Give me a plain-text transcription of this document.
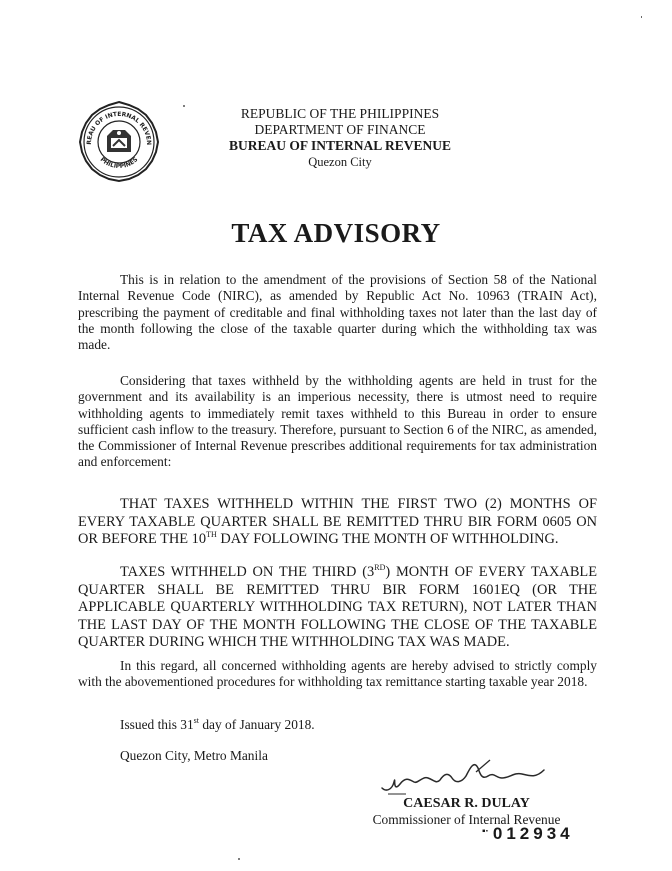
REAU OF INTERNAL REVEN
PHILIPPINES
REPUBLIC OF THE PHILIPPINES
DEPARTMENT OF FINANCE
BUREAU OF INTERNAL REVENUE
Quezon City
TAX ADVISORY

This is in relation to the amendment of the provisions of Section 58 of the National Internal Revenue Code (NIRC), as amended by Republic Act No. 10963 (TRAIN Act), prescribing the payment of creditable and final withholding taxes not later than the last day of the month following the close of the taxable quarter during which the withholding tax was made.

Considering that taxes withheld by the withholding agents are held in trust for the government and its availability is an imperious necessity, there is utmost need to require withholding agents to immediately remit taxes withheld to this Bureau in order to ensure sufficient cash inflow to the treasury. Therefore, pursuant to Section 6 of the NIRC, as amended, the Commissioner of Internal Revenue prescribes additional requirements for tax administration and enforcement:

THAT TAXES WITHHELD WITHIN THE FIRST TWO (2) MONTHS OF EVERY TAXABLE QUARTER SHALL BE REMITTED THRU BIR FORM 0605 ON OR BEFORE THE 10TH DAY FOLLOWING THE MONTH OF WITHHOLDING.

TAXES WITHHELD ON THE THIRD (3RD) MONTH OF EVERY TAXABLE QUARTER SHALL BE REMITTED THRU BIR FORM 1601EQ (OR THE APPLICABLE QUARTERLY WITHHOLDING TAX RETURN), NOT LATER THAN THE LAST DAY OF THE MONTH FOLLOWING THE CLOSE OF THE TAXABLE QUARTER DURING WHICH THE WITHHOLDING TAX WAS MADE.

In this regard, all concerned withholding agents are hereby advised to strictly comply with the abovementioned procedures for withholding tax remittance starting taxable year 2018.

Issued this 31st day of January 2018.
Quezon City, Metro Manila
CAESAR R. DULAY
Commissioner of Internal Revenue
▪· 012934
